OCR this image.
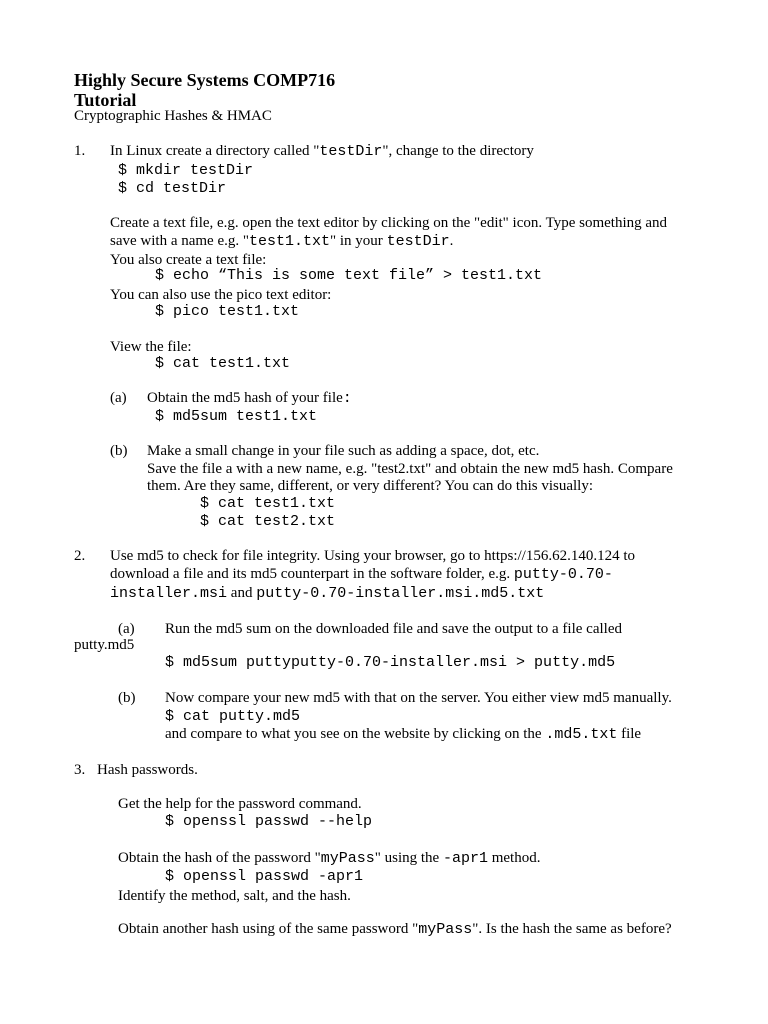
Highly Secure Systems COMP716
Tutorial
Cryptographic Hashes & HMAC
1. In Linux create a directory called "testDir", change to the directory
$ mkdir testDir
$ cd testDir
Create a text file, e.g. open the text editor by clicking on the "edit" icon. Type something and
save with a name e.g. "test1.txt" in your testDir.
You also create a text file:
$ echo “This is some text file” > test1.txt
You can also use the pico text editor:
$ pico test1.txt
View the file:
$ cat test1.txt
(a) Obtain the md5 hash of your file:
$ md5sum test1.txt
(b) Make a small change in your file such as adding a space, dot, etc.
Save the file a with a new name, e.g. "test2.txt" and obtain the new md5 hash. Compare
them. Are they same, different, or very different? You can do this visually:
$ cat test1.txt
$ cat test2.txt
2. Use md5 to check for file integrity. Using your browser, go to https://156.62.140.124 to
download a file and its md5 counterpart in the software folder, e.g. putty-0.70-
installer.msi and putty-0.70-installer.msi.md5.txt
(a) Run the md5 sum on the downloaded file and save the output to a file called
putty.md5
$ md5sum puttyputty-0.70-installer.msi > putty.md5
(b) Now compare your new md5 with that on the server. You either view md5 manually.
$ cat putty.md5
and compare to what you see on the website by clicking on the .md5.txt file
3. Hash passwords.
Get the help for the password command.
$ openssl passwd --help
Obtain the hash of the password "myPass" using the -apr1 method.
$ openssl passwd -apr1
Identify the method, salt, and the hash.
Obtain another hash using of the same password "myPass". Is the hash the same as before?
